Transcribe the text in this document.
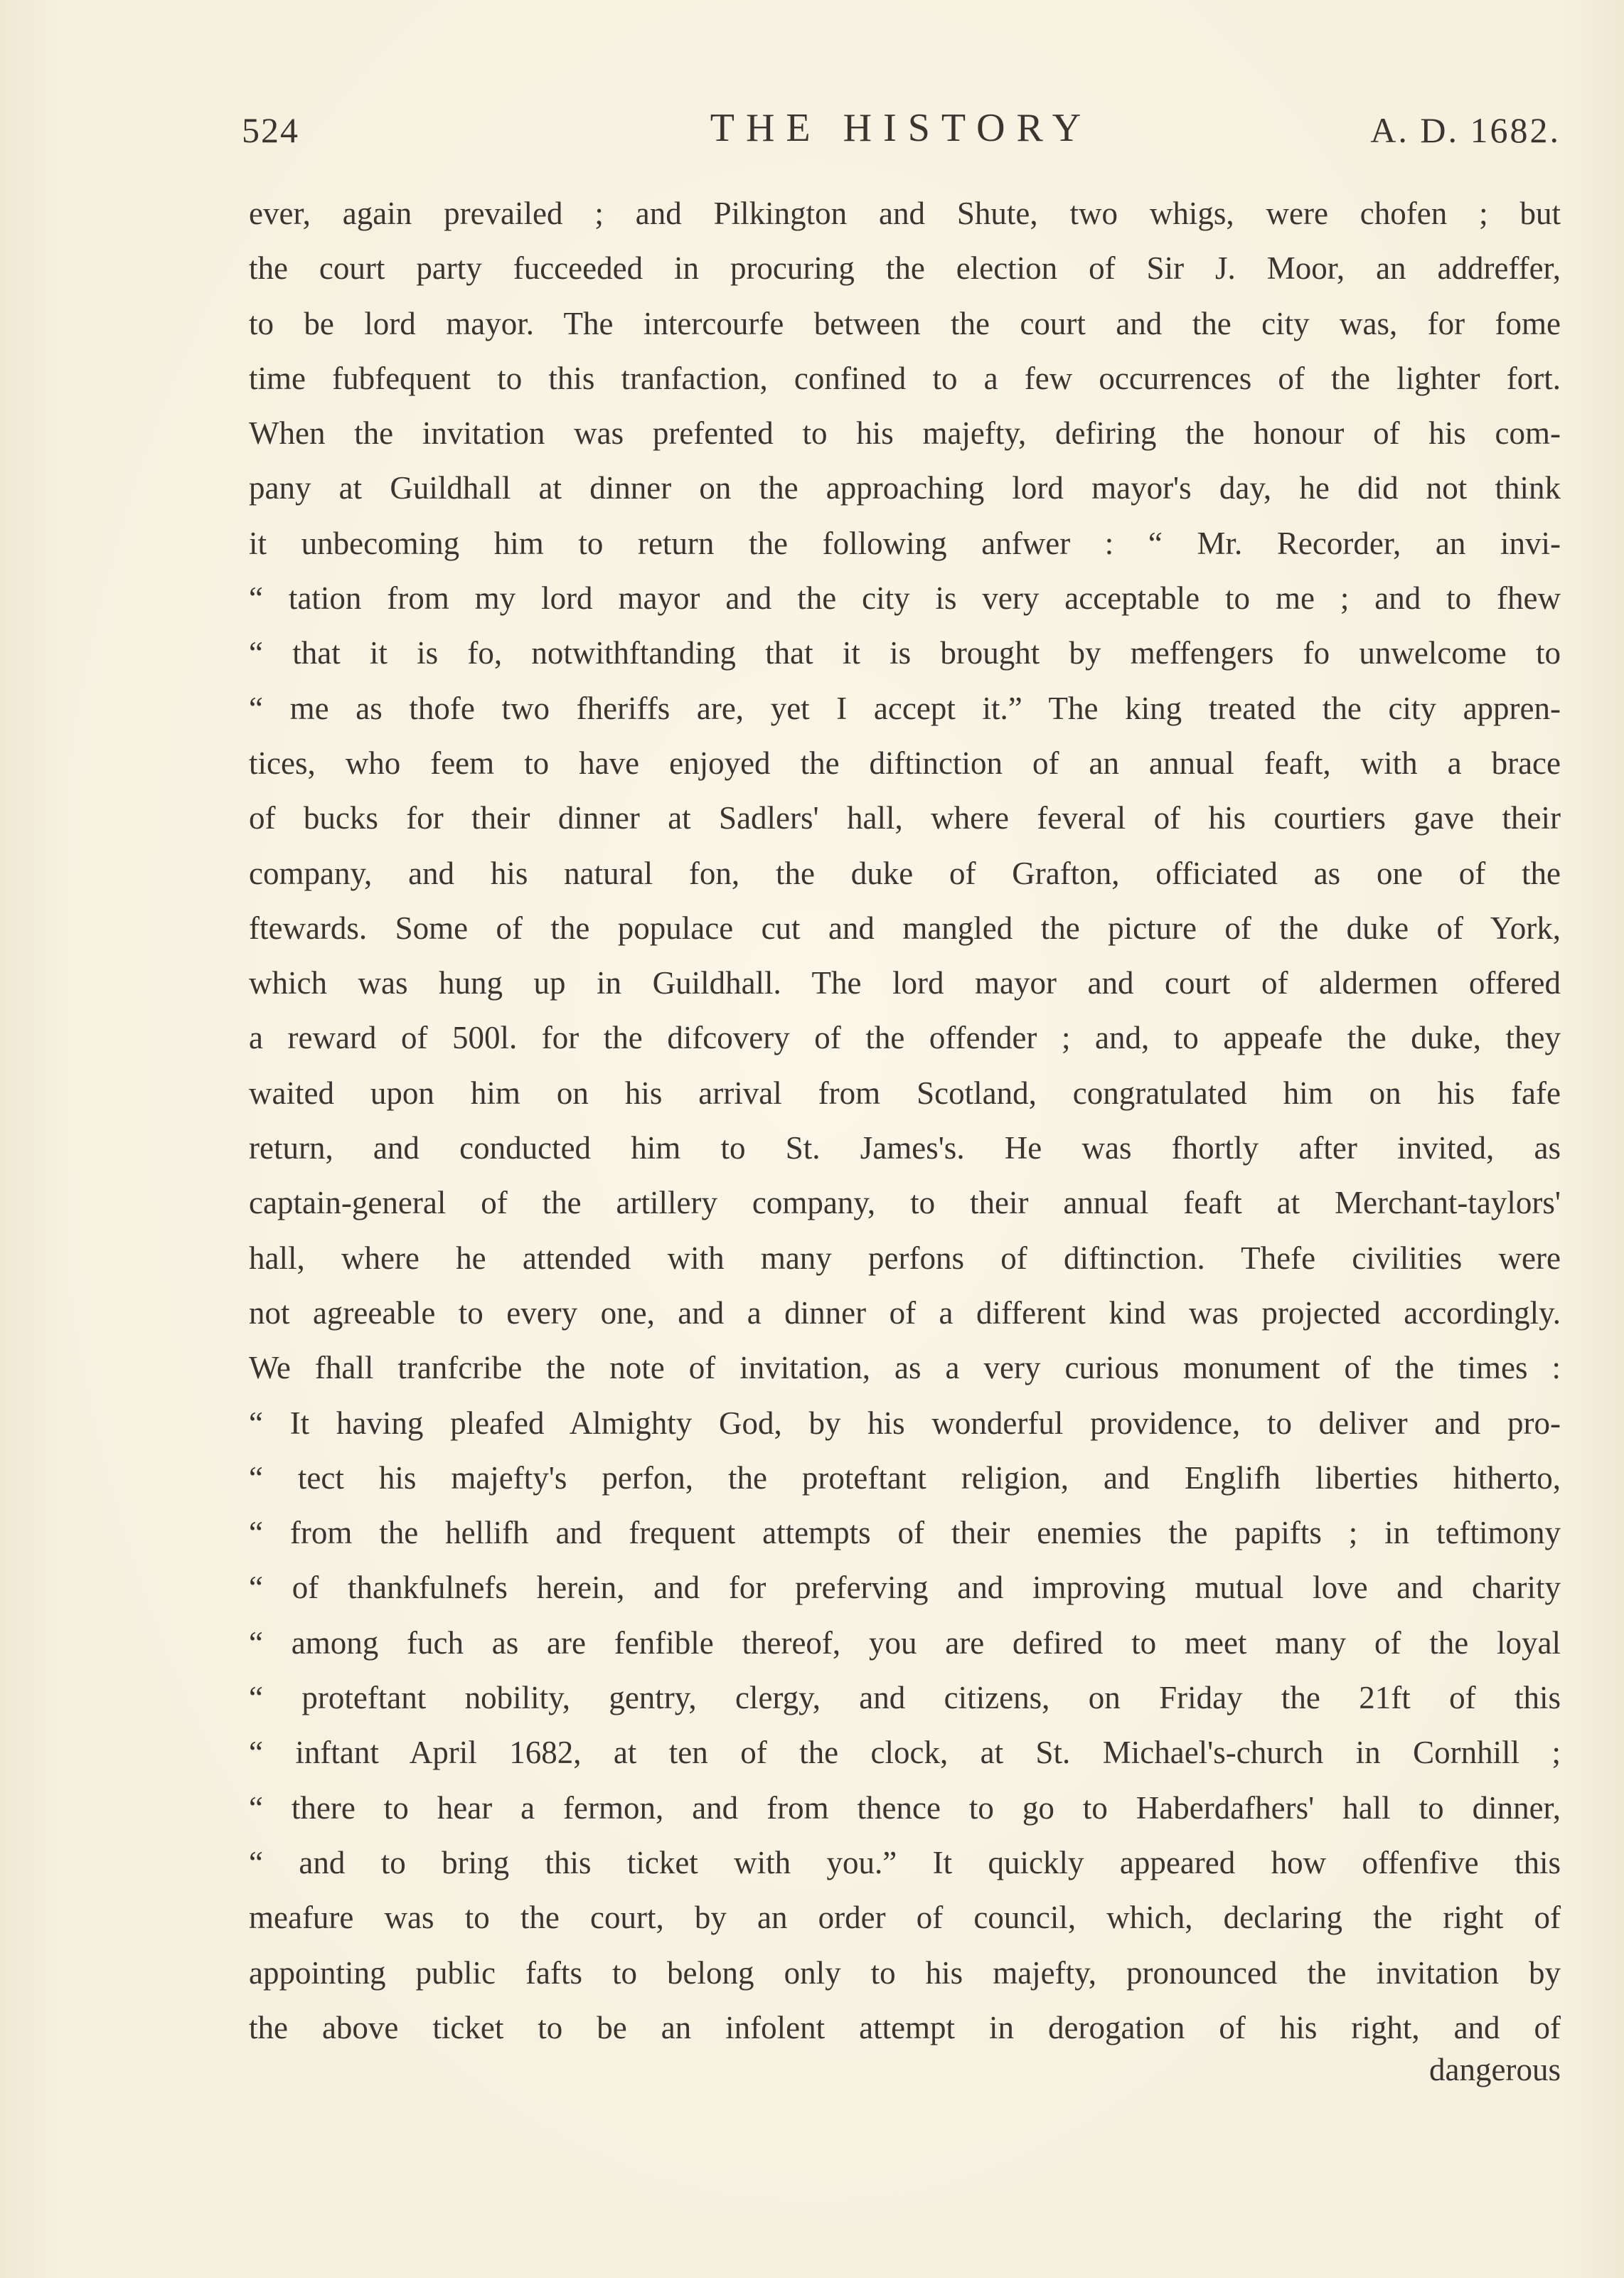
524	THE HISTORY	A. D. 1682.
ever, again prevailed ; and Pilkington and Shute, two whigs, were chofen ; but
the court party fucceeded in procuring the election of Sir J. Moor, an addreffer,
to be lord mayor. The intercourfe between the court and the city was, for fome
time fubfequent to this tranfaction, confined to a few occurrences of the lighter fort.
When the invitation was prefented to his majefty, defiring the honour of his com-
pany at Guildhall at dinner on the approaching lord mayor's day, he did not think
it unbecoming him to return the following anfwer : “ Mr. Recorder, an invi-
“ tation from my lord mayor and the city is very acceptable to me ; and to fhew
“ that it is fo, notwithftanding that it is brought by meffengers fo unwelcome to
“ me as thofe two fheriffs are, yet I accept it.” The king treated the city appren-
tices, who feem to have enjoyed the diftinction of an annual feaft, with a brace
of bucks for their dinner at Sadlers' hall, where feveral of his courtiers gave their
company, and his natural fon, the duke of Grafton, officiated as one of the
ftewards. Some of the populace cut and mangled the picture of the duke of York,
which was hung up in Guildhall. The lord mayor and court of aldermen offered
a reward of 500l. for the difcovery of the offender ; and, to appeafe the duke, they
waited upon him on his arrival from Scotland, congratulated him on his fafe
return, and conducted him to St. James's. He was fhortly after invited, as
captain-general of the artillery company, to their annual feaft at Merchant-taylors'
hall, where he attended with many perfons of diftinction. Thefe civilities were
not agreeable to every one, and a dinner of a different kind was projected accordingly.
We fhall tranfcribe the note of invitation, as a very curious monument of the times :
“ It having pleafed Almighty God, by his wonderful providence, to deliver and pro-
“ tect his majefty's perfon, the proteftant religion, and Englifh liberties hitherto,
“ from the hellifh and frequent attempts of their enemies the papifts ; in teftimony
“ of thankfulnefs herein, and for preferving and improving mutual love and charity
“ among fuch as are fenfible thereof, you are defired to meet many of the loyal
“ proteftant nobility, gentry, clergy, and citizens, on Friday the 21ft of this
“ inftant April 1682, at ten of the clock, at St. Michael's-church in Cornhill ;
“ there to hear a fermon, and from thence to go to Haberdafhers' hall to dinner,
“ and to bring this ticket with you.” It quickly appeared how offenfive this
meafure was to the court, by an order of council, which, declaring the right of
appointing public fafts to belong only to his majefty, pronounced the invitation by
the above ticket to be an infolent attempt in derogation of his right, and of
dangerous
